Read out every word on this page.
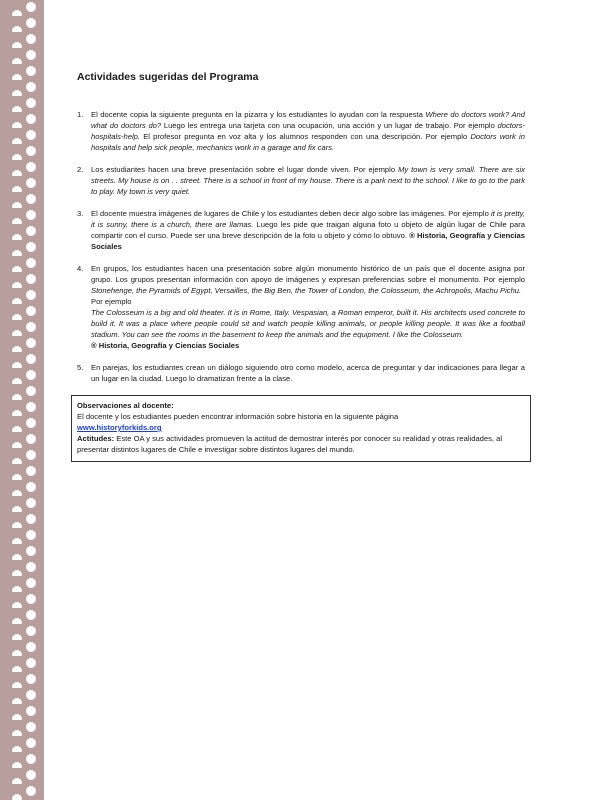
Actividades sugeridas del Programa
1.	El docente copia la siguiente pregunta en la pizarra y los estudiantes lo ayudan con la respuesta Where do doctors work? And what do doctors do? Luego les entrega una tarjeta con una ocupación, una acción y un lugar de trabajo. Por ejemplo doctors-hospitals-help. El profesor pregunta en voz alta y los alumnos responden con una descripción. Por ejemplo Doctors work in hospitals and help sick people, mechanics work in a garage and fix cars.
2.	Los estudiantes hacen una breve presentación sobre el lugar donde viven. Por ejemplo My town is very small. There are six streets. My house is on . . street. There is a school in front of my house. There is a park next to the school. I like to go to the park to play. My town is very quiet.
3.	El docente muestra imágenes de lugares de Chile y los estudiantes deben decir algo sobre las imágenes. Por ejemplo it is pretty, it is sunny, there is a church, there are llamas. Luego les pide que traigan alguna foto u objeto de algún lugar de Chile para compartir con el curso. Puede ser una breve descripción de la foto u objeto y cómo lo obtuvo. ® Historia, Geografía y Ciencias Sociales
4.	En grupos, los estudiantes hacen una presentación sobre algún monumento histórico de un país que el docente asigna por grupo. Los grupos presentan información con apoyo de imágenes y expresan preferencias sobre el monumento. Por ejemplo Stonehenge, the Pyramids of Egypt, Versailles, the Big Ben, the Tower of London, the Colosseum, the Achropolis, Machu Pichu.
Por ejemplo
The Colosseum is a big and old theater. It is in Rome, Italy. Vespasian, a Roman emperor, built it. His architects used concrete to build it. It was a place where people could sit and watch people killing animals, or people killing people. It was like a football stadium. You can see the rooms in the basement to keep the animals and the equipment. I like the Colosseum.
® Historia, Geografía y Ciencias Sociales
5.	En parejas, los estudiantes crean un diálogo siguiendo otro como modelo, acerca de preguntar y dar indicaciones para llegar a un lugar en la ciudad. Luego lo dramatizan frente a la clase.
Observaciones al docente:
El docente y los estudiantes pueden encontrar información sobre historia en la siguiente página
www.historyforkids.org
Actitudes: Este OA y sus actividades promueven la actitud de demostrar interés por conocer su realidad y otras realidades, al presentar distintos lugares de Chile e investigar sobre distintos lugares del mundo.
